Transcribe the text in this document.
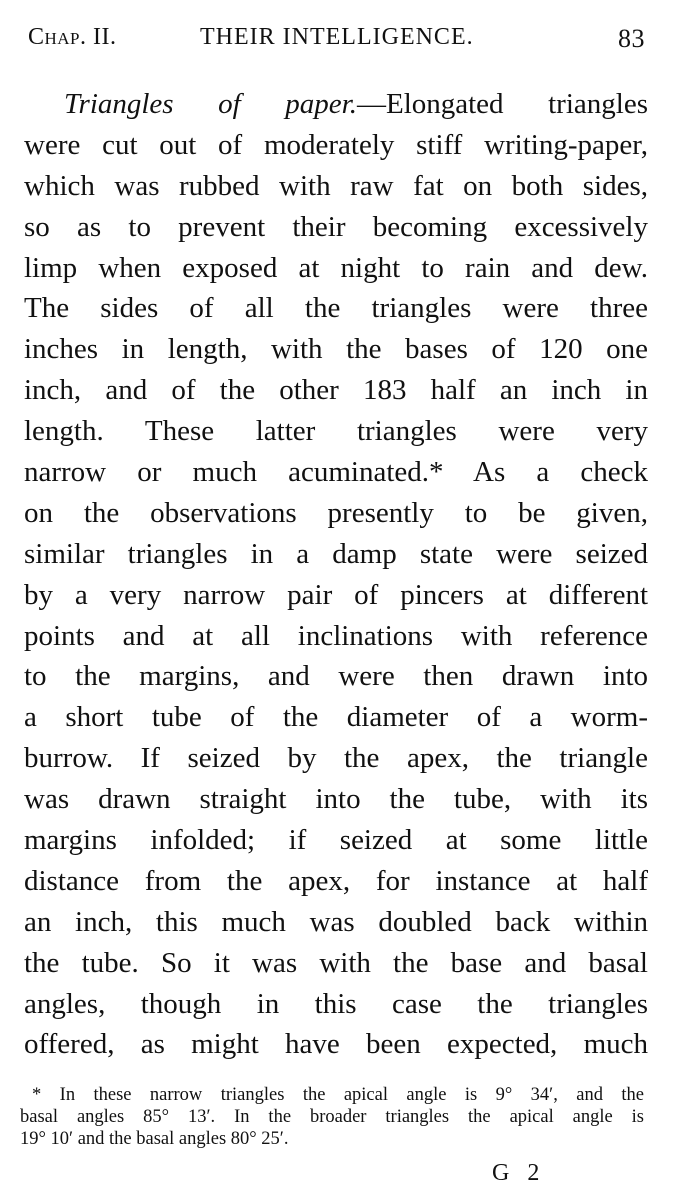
Chap. II.	THEIR INTELLIGENCE.	83
Triangles of paper.—Elongated triangles
were cut out of moderately stiff writing-paper,
which was rubbed with raw fat on both sides,
so as to prevent their becoming excessively
limp when exposed at night to rain and dew.
The sides of all the triangles were three
inches in length, with the bases of 120 one
inch, and of the other 183 half an inch in
length. These latter triangles were very
narrow or much acuminated.* As a check
on the observations presently to be given,
similar triangles in a damp state were seized
by a very narrow pair of pincers at different
points and at all inclinations with reference
to the margins, and were then drawn into
a short tube of the diameter of a worm-
burrow. If seized by the apex, the triangle
was drawn straight into the tube, with its
margins infolded; if seized at some little
distance from the apex, for instance at half
an inch, this much was doubled back within
the tube. So it was with the base and basal
angles, though in this case the triangles
offered, as might have been expected, much
* In these narrow triangles the apical angle is 9° 34′, and the
basal angles 85° 13′. In the broader triangles the apical angle is
19° 10′ and the basal angles 80° 25′.
G 2
